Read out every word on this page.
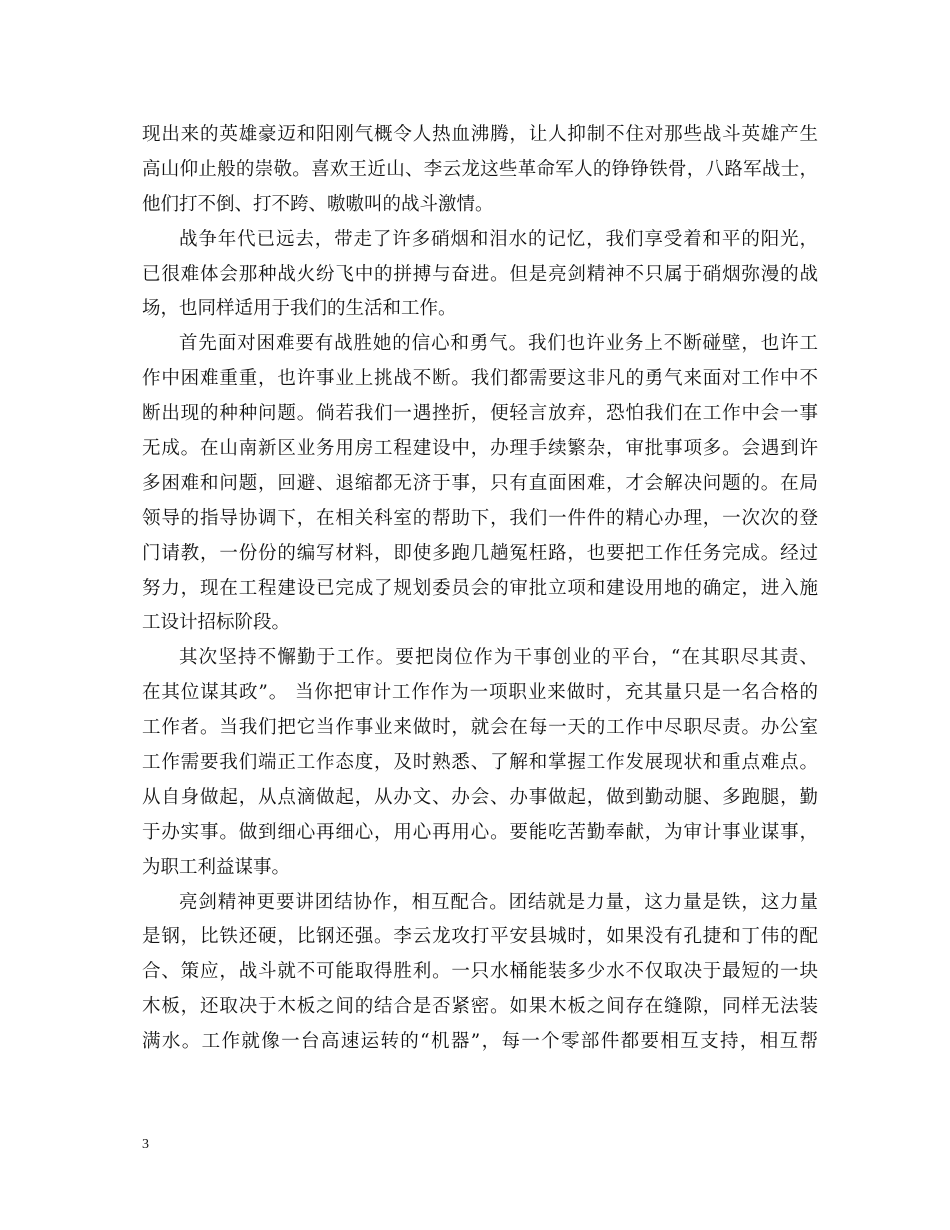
现出来的英雄豪迈和阳刚气概令人热血沸腾，让人抑制不住对那些战斗英雄产生
高山仰止般的崇敬。喜欢王近山、李云龙这些革命军人的铮铮铁骨，八路军战士，
他们打不倒、打不跨、嗷嗷叫的战斗激情。
战争年代已远去，带走了许多硝烟和泪水的记忆，我们享受着和平的阳光，
已很难体会那种战火纷飞中的拼搏与奋进。但是亮剑精神不只属于硝烟弥漫的战
场，也同样适用于我们的生活和工作。
首先面对困难要有战胜她的信心和勇气。我们也许业务上不断碰壁，也许工
作中困难重重，也许事业上挑战不断。我们都需要这非凡的勇气来面对工作中不
断出现的种种问题。倘若我们一遇挫折，便轻言放弃，恐怕我们在工作中会一事
无成。在山南新区业务用房工程建设中，办理手续繁杂，审批事项多。会遇到许
多困难和问题，回避、退缩都无济于事，只有直面困难，才会解决问题的。在局
领导的指导协调下，在相关科室的帮助下，我们一件件的精心办理，一次次的登
门请教，一份份的编写材料，即使多跑几趟冤枉路，也要把工作任务完成。经过
努力，现在工程建设已完成了规划委员会的审批立项和建设用地的确定，进入施
工设计招标阶段。
其次坚持不懈勤于工作。要把岗位作为干事创业的平台，“在其职尽其责、
在其位谋其政”。 当你把审计工作作为一项职业来做时，充其量只是一名合格的
工作者。当我们把它当作事业来做时，就会在每一天的工作中尽职尽责。办公室
工作需要我们端正工作态度，及时熟悉、了解和掌握工作发展现状和重点难点。
从自身做起，从点滴做起，从办文、办会、办事做起，做到勤动腿、多跑腿，勤
于办实事。做到细心再细心，用心再用心。要能吃苦勤奉献，为审计事业谋事，
为职工利益谋事。
亮剑精神更要讲团结协作，相互配合。团结就是力量，这力量是铁，这力量
是钢，比铁还硬，比钢还强。李云龙攻打平安县城时，如果没有孔捷和丁伟的配
合、策应，战斗就不可能取得胜利。一只水桶能装多少水不仅取决于最短的一块
木板，还取决于木板之间的结合是否紧密。如果木板之间存在缝隙，同样无法装
满水。工作就像一台高速运转的“机器”，每一个零部件都要相互支持，相互帮
3
